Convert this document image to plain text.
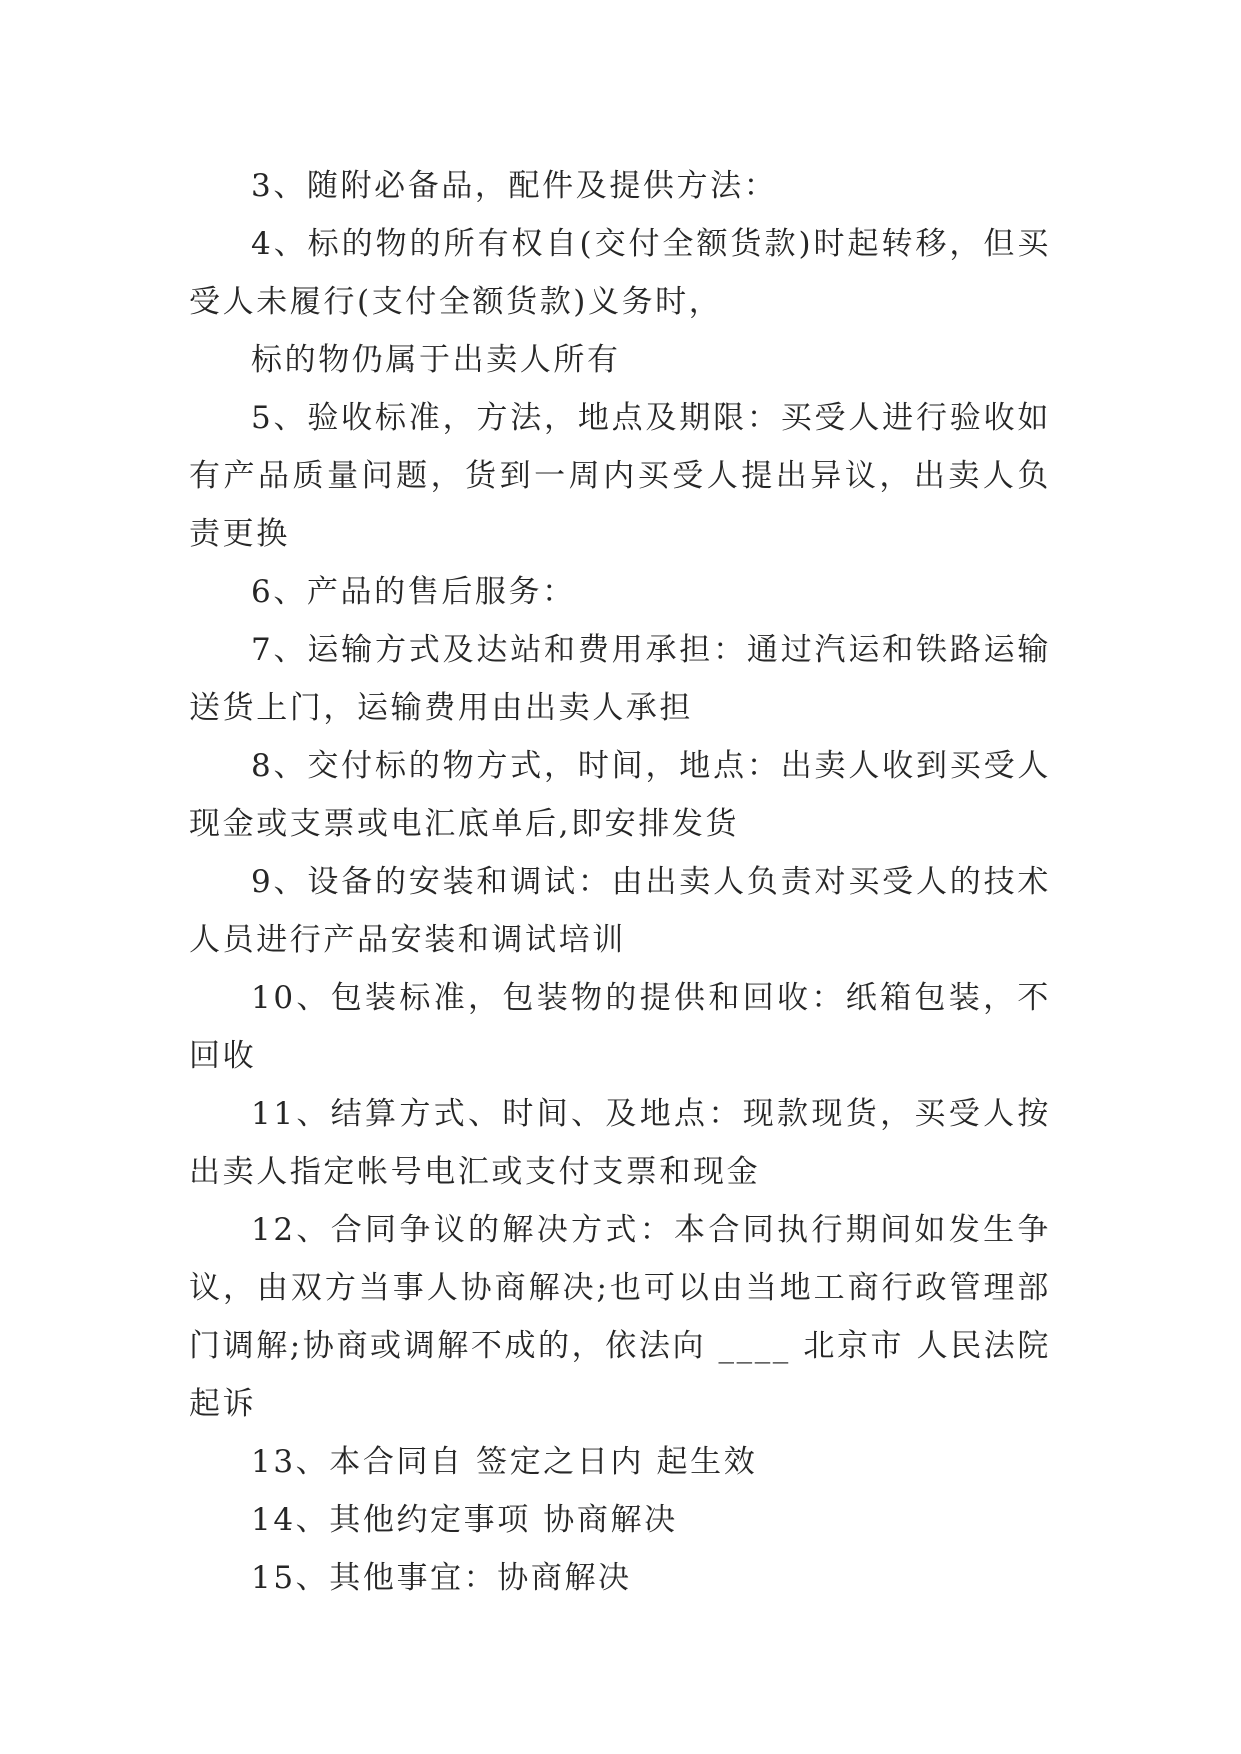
3、随附必备品，配件及提供方法：

4、标的物的所有权自(交付全额货款)时起转移，但买受人未履行(支付全额货款)义务时，

标的物仍属于出卖人所有

5、验收标准，方法，地点及期限：买受人进行验收如有产品质量问题，货到一周内买受人提出异议，出卖人负责更换

6、产品的售后服务：

7、运输方式及达站和费用承担：通过汽运和铁路运输送货上门，运输费用由出卖人承担

8、交付标的物方式，时间，地点：出卖人收到买受人现金或支票或电汇底单后,即安排发货

9、设备的安装和调试：由出卖人负责对买受人的技术人员进行产品安装和调试培训

10、包装标准，包装物的提供和回收：纸箱包装，不回收

11、结算方式、时间、及地点：现款现货，买受人按出卖人指定帐号电汇或支付支票和现金

12、合同争议的解决方式：本合同执行期间如发生争议，由双方当事人协商解决;也可以由当地工商行政管理部门调解;协商或调解不成的，依法向 ____ 北京市 人民法院起诉

13、本合同自 签定之日内 起生效

14、其他约定事项 协商解决

15、其他事宜：协商解决
